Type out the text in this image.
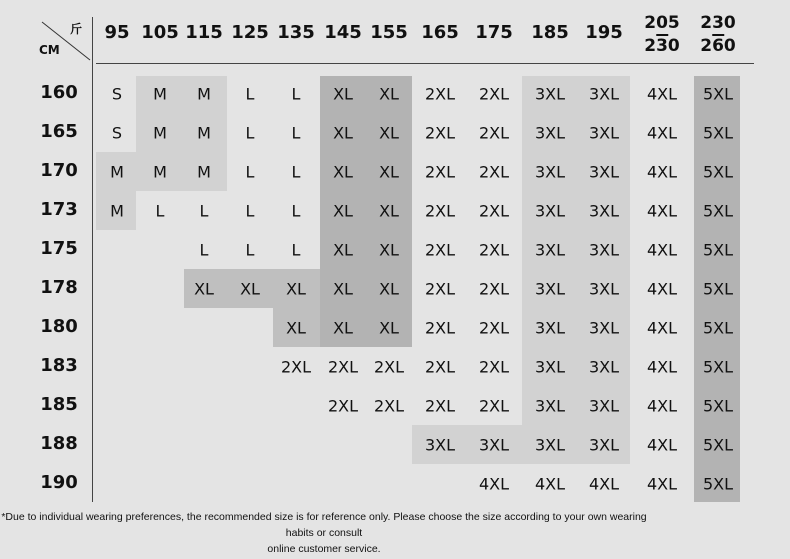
斤
CM
95 105 115 125 135 145 155 165 175 185 195 205
230
230
260
160
165
170
173
175
178
180
183
185
188
190
S M M L L XL XL 2XL 2XL 3XL 3XL 4XL 5XL
S M M L L XL XL 2XL 2XL 3XL 3XL 4XL 5XL
M M M L L XL XL 2XL 2XL 3XL 3XL 4XL 5XL
M L L L L XL XL 2XL 2XL 3XL 3XL 4XL 5XL
L L L XL XL 2XL 2XL 3XL 3XL 4XL 5XL
XL XL XL XL XL 2XL 2XL 3XL 3XL 4XL 5XL
XL XL XL 2XL 2XL 3XL 3XL 4XL 5XL
2XL 2XL 2XL 2XL 2XL 3XL 3XL 4XL 5XL
2XL 2XL 2XL 2XL 3XL 3XL 4XL 5XL
3XL 3XL 3XL 3XL 4XL 5XL
4XL 4XL 4XL 4XL 5XL
*Due to individual wearing preferences, the recommended size is for reference only. Please choose the size according to your own wearing habits or consult
online customer service.
